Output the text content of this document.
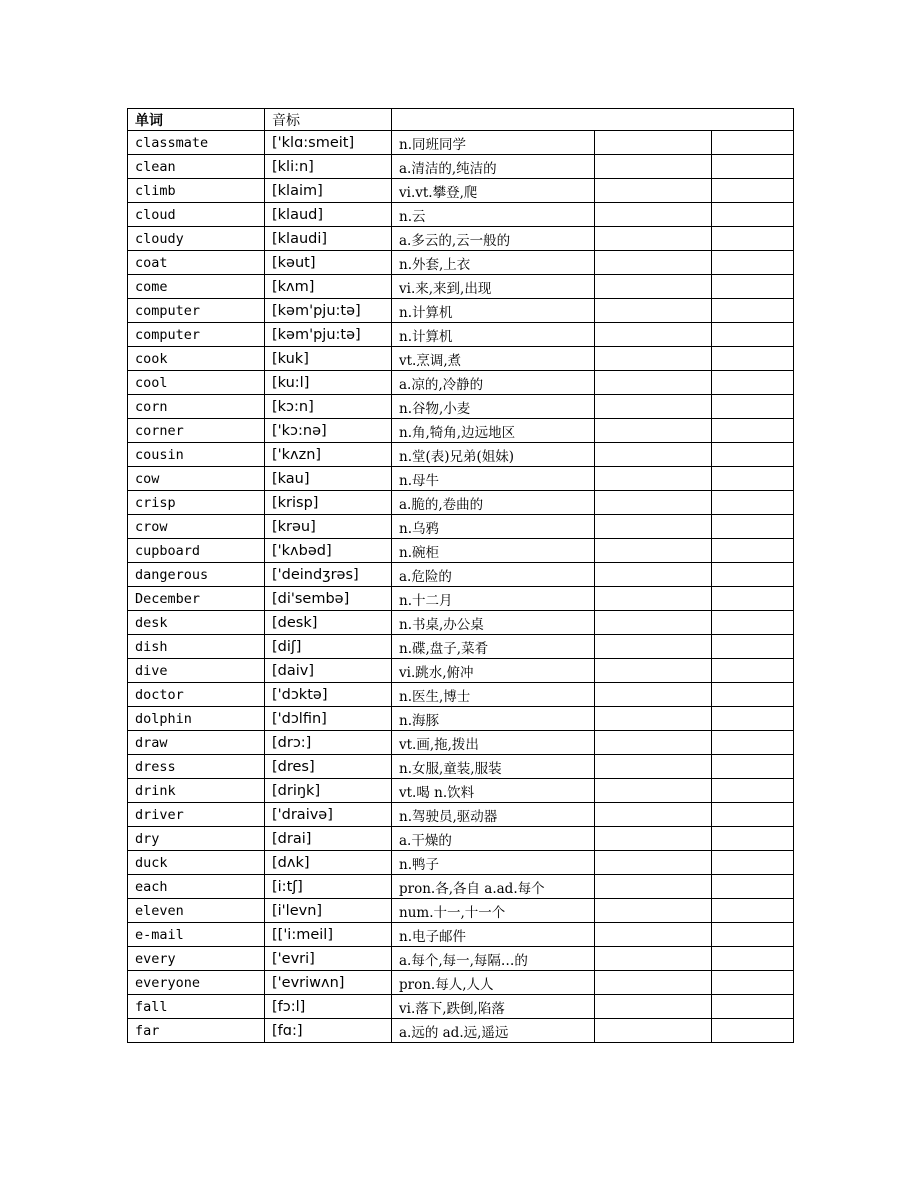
单词	音标			
classmate	['klɑ:smeit]	n.同班同学		
clean	[kli:n]	a.清洁的,纯洁的		
climb	[klaim]	vi.vt.攀登,爬		
cloud	[klaud]	n.云		
cloudy	[klaudi]	a.多云的,云一般的		
coat	[kəut]	n.外套,上衣		
come	[kʌm]	vi.来,来到,出现		
computer	[kəm'pju:tə]	n.计算机		
computer	[kəm'pju:tə]	n.计算机		
cook	[kuk]	vt.烹调,煮		
cool	[ku:l]	a.凉的,冷静的		
corn	[kɔ:n]	n.谷物,小麦		
corner	['kɔ:nə]	n.角,犄角,边远地区		
cousin	['kʌzn]	n.堂(表)兄弟(姐妹)		
cow	[kau]	n.母牛		
crisp	[krisp]	a.脆的,卷曲的		
crow	[krəu]	n.乌鸦		
cupboard	['kʌbəd]	n.碗柜		
dangerous	['deindʒrəs]	a.危险的		
December	[di'sembə]	n.十二月		
desk	[desk]	n.书桌,办公桌		
dish	[diʃ]	n.碟,盘子,菜肴		
dive	[daiv]	vi.跳水,俯冲		
doctor	['dɔktə]	n.医生,博士		
dolphin	['dɔlfin]	n.海豚		
draw	[drɔ:]	vt.画,拖,拨出		
dress	[dres]	n.女服,童装,服装		
drink	[driŋk]	vt.喝 n.饮料		
driver	['draivə]	n.驾驶员,驱动器		
dry	[drai]	a.干燥的		
duck	[dʌk]	n.鸭子		
each	[i:tʃ]	pron.各,各自 a.ad.每个		
eleven	[i'levn]	num.十一,十一个		
e-mail	[['i:meil]	n.电子邮件		
every	['evri]	a.每个,每一,每隔…的		
everyone	['evriwʌn]	pron.每人,人人		
fall	[fɔ:l]	vi.落下,跌倒,陷落		
far	[fɑ:]	a.远的 ad.远,遥远		
